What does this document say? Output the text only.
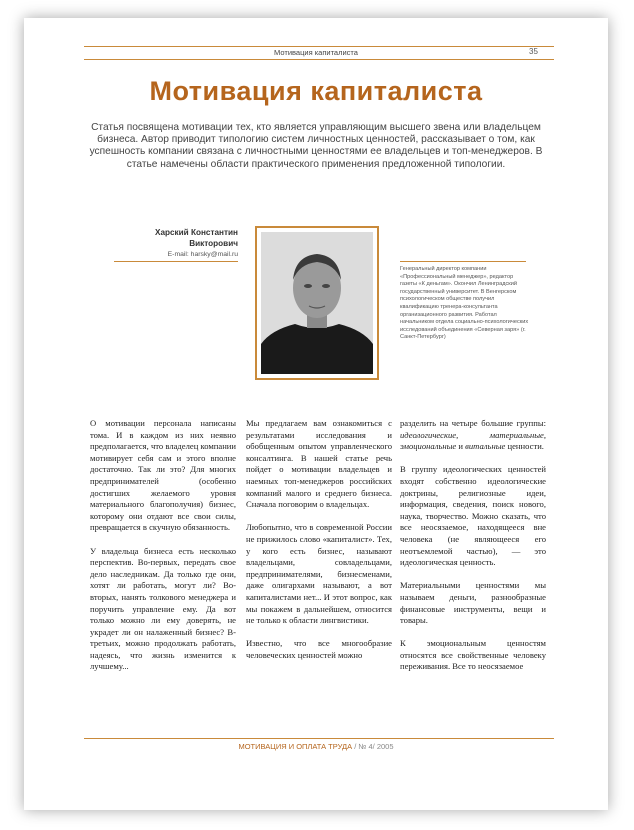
Мотивация капиталиста	35
Мотивация капиталиста

Статья посвящена мотивации тех, кто является управляющим высшего звена или владельцем бизнеса. Автор приводит типологию систем личностных ценностей, рассказывает о том, как успешность компании связана с личностными ценностями ее владельцев и топ-менеджеров. В статье намечены области практического применения предложенной типологии.

Харский Константин
Викторович
E-mail: harsky@mail.ru

Генеральный директор компании «Профессиональный менеджер», редактор газеты «К деньгам». Окончил Ленинградский государственный университет. В Венгерском психологическом обществе получил квалификацию тренера-консультанта организационного развития. Работал начальником отдела социально-психологических исследований объединения «Северная заря» (г. Санкт-Петербург)

О мотивации персонала написаны тома. И в каждом из них неявно предполагается, что владелец компании мотивирует себя сам и этого вполне достаточно. Так ли это? Для многих предпринимателей (особенно достигших желаемого уровня материального благополучия) бизнес, которому они отдают все свои силы, превращается в скучную обязанность.

У владельца бизнеса есть несколько перспектив. Во-первых, передать свое дело наследникам. Да только где они, хотят ли работать, могут ли? Во-вторых, нанять толкового менеджера и поручить управление ему. Да вот только можно ли ему доверять, не украдет ли он налаженный бизнес? В-третьих, можно продолжать работать, надеясь, что жизнь изменится к лучшему...

Мы предлагаем вам ознакомиться с результатами исследования и обобщенным опытом управленческого консалтинга. В нашей статье речь пойдет о мотивации владельцев и наемных топ-менеджеров российских компаний малого и среднего бизнеса. Сначала поговорим о владельцах.

Любопытно, что в современной России не прижилось слово «капиталист». Тех, у кого есть бизнес, называют владельцами, совладельцами, предпринимателями, бизнесменами, даже олигархами называют, а вот капиталистами нет... И этот вопрос, как мы покажем в дальнейшем, относится не только к области лингвистики.

Известно, что все многообразие человеческих ценностей можно

разделить на четыре большие группы: идеологические, материальные, эмоциональные и витальные ценности.

В группу идеологических ценностей входят собственно идеологические доктрины, религиозные идеи, информация, сведения, поиск нового, наука, творчество. Можно сказать, что все неосязаемое, находящееся вне человека (не являющееся его неотъемлемой частью), — это идеологическая ценность.

Материальными ценностями мы называем деньги, разнообразные финансовые инструменты, вещи и товары.

К эмоциональным ценностям относятся все свойственные человеку переживания. Все то неосязаемое

МОТИВАЦИЯ И ОПЛАТА ТРУДА / № 4/ 2005
